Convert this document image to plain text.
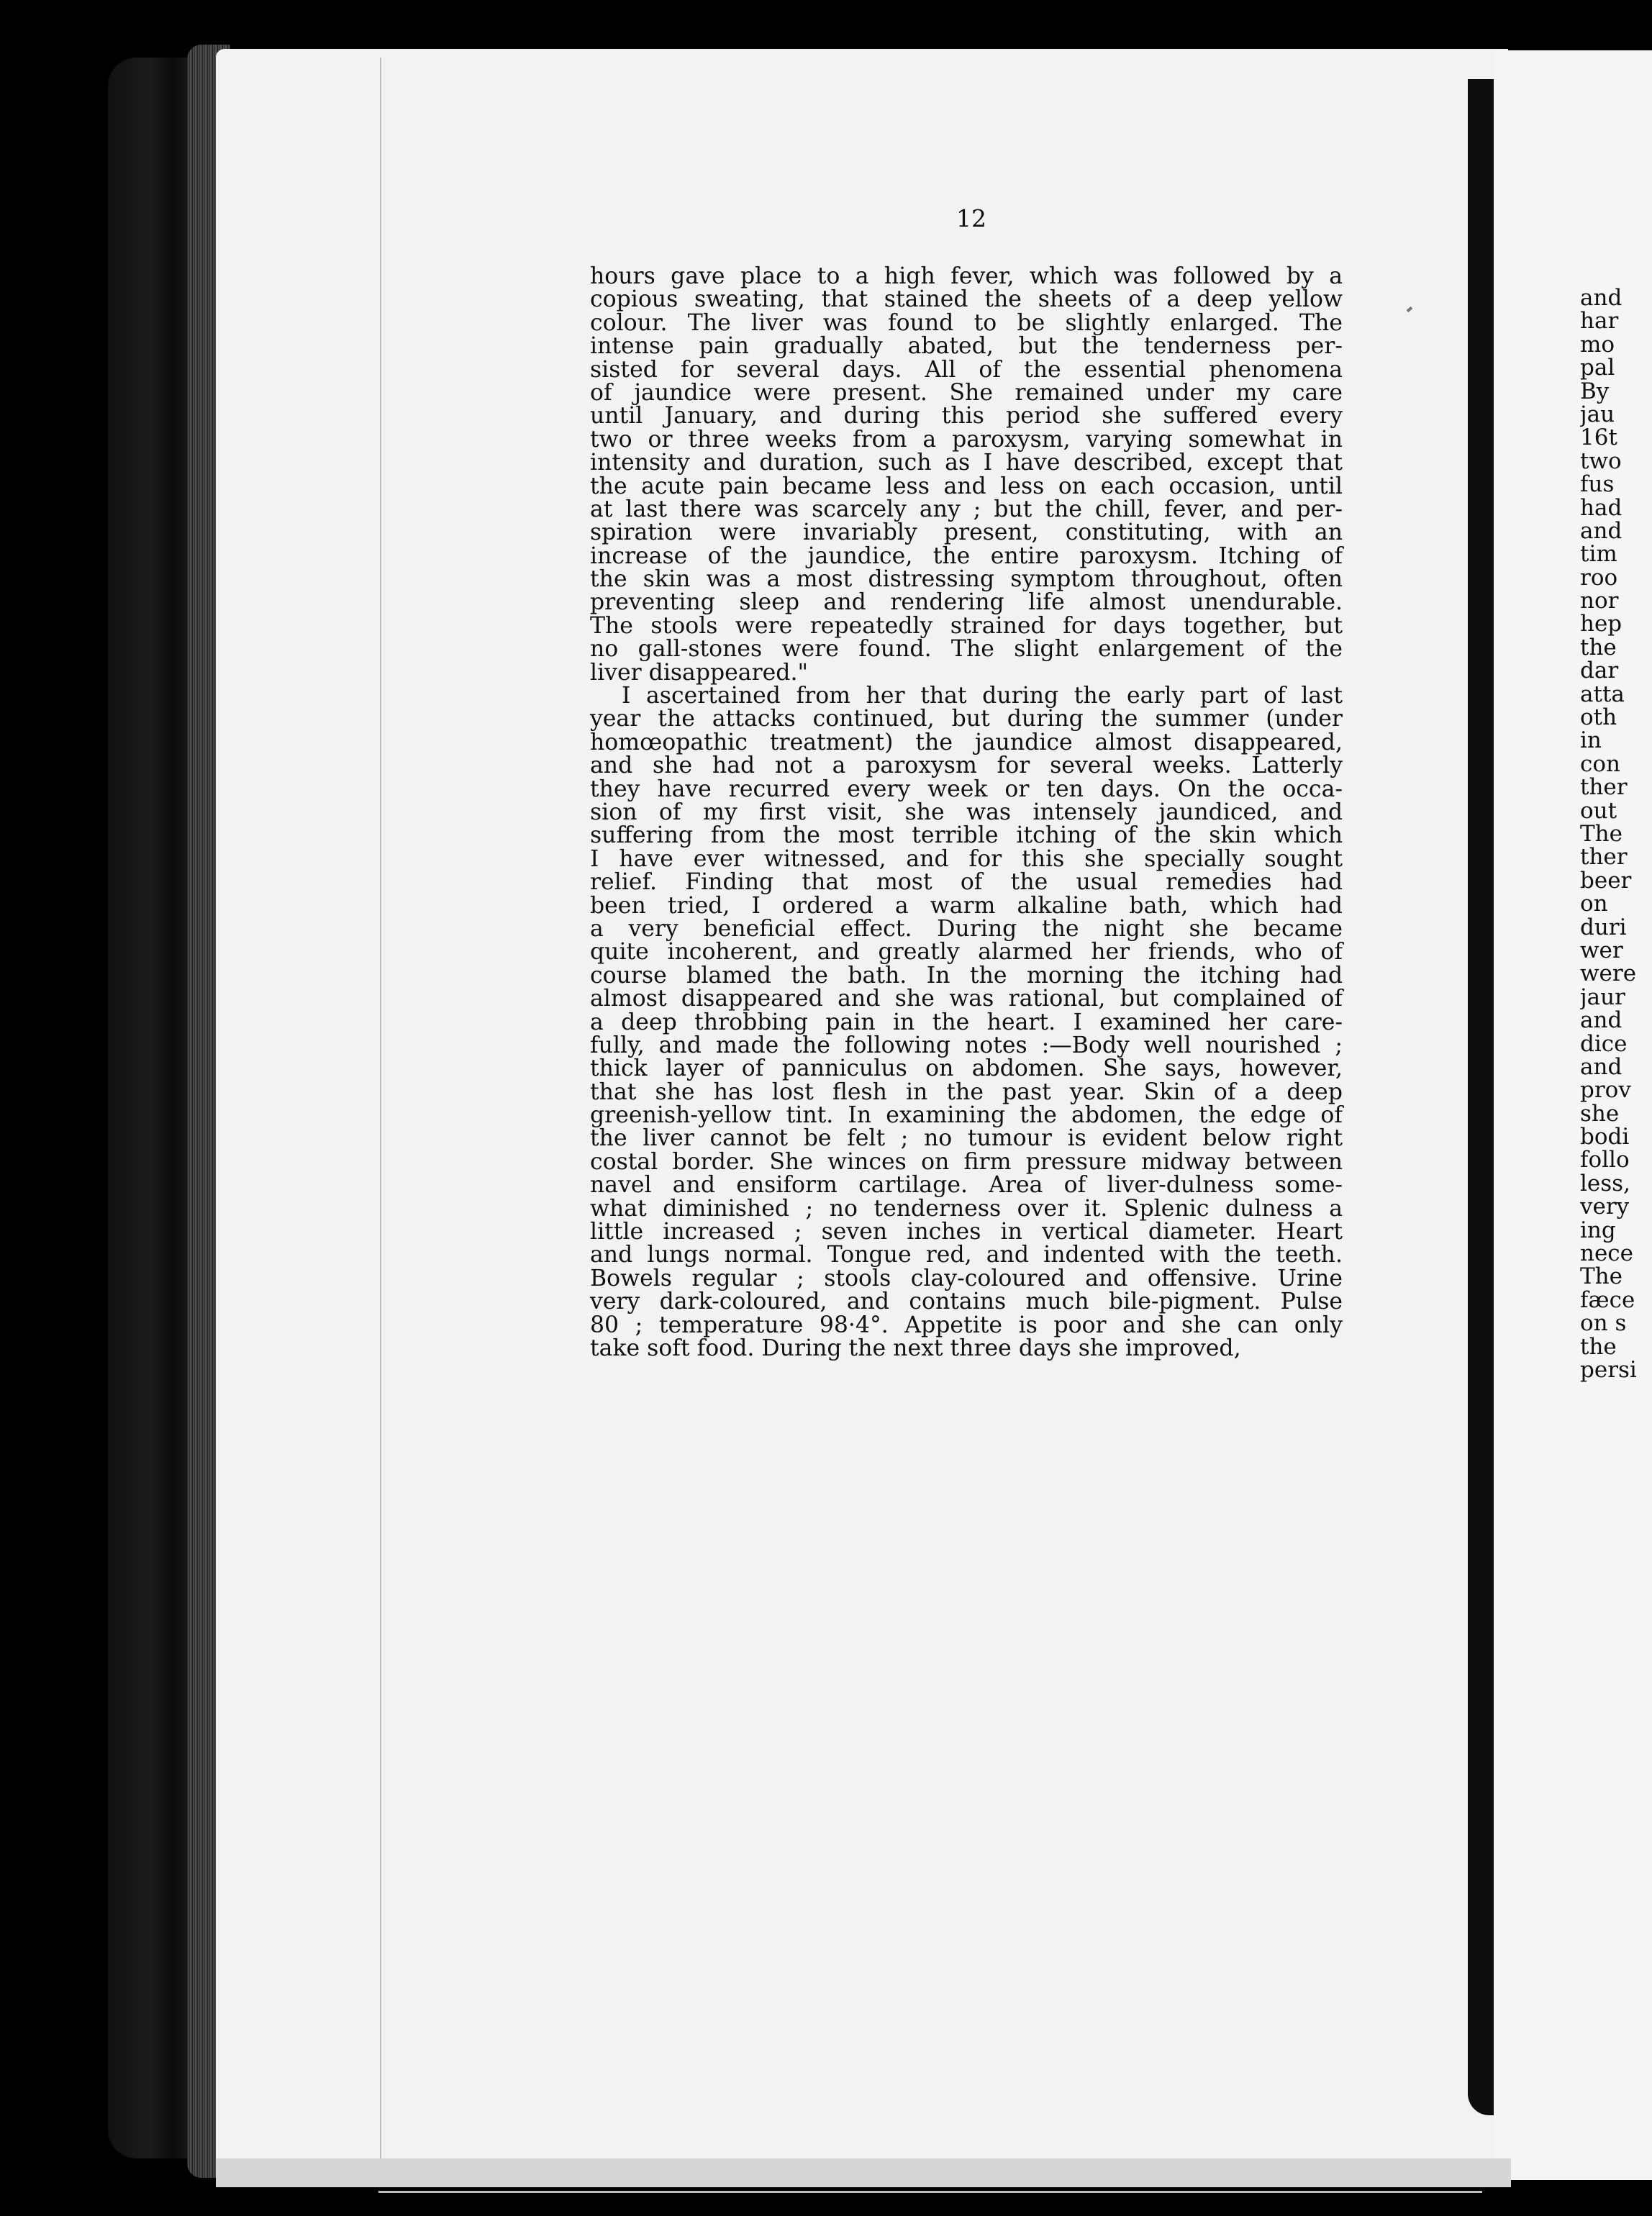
and
har
mo
pal
By
jau
16t
two
fus
had
and
tim
roo
nor
hep
the
dar
atta
oth
in
con
ther
out
The
ther
beer
on
duri
wer
were
jaur
and
dice
and
prov
she
bodi
follo
less,
very
ing
nece
The
fæce
on s
the
persi
12
hours gave place to a high fever, which was followed by a
copious sweating, that stained the sheets of a deep yellow
colour. The liver was found to be slightly enlarged. The
intense pain gradually abated, but the tenderness per-
sisted for several days. All of the essential phenomena
of jaundice were present. She remained under my care
until January, and during this period she suffered every
two or three weeks from a paroxysm, varying somewhat in
intensity and duration, such as I have described, except that
the acute pain became less and less on each occasion, until
at last there was scarcely any ; but the chill, fever, and per-
spiration were invariably present, constituting, with an
increase of the jaundice, the entire paroxysm. Itching of
the skin was a most distressing symptom throughout, often
preventing sleep and rendering life almost unendurable.
The stools were repeatedly strained for days together, but
no gall-stones were found. The slight enlargement of the
liver disappeared."
I ascertained from her that during the early part of last
year the attacks continued, but during the summer (under
homœopathic treatment) the jaundice almost disappeared,
and she had not a paroxysm for several weeks. Latterly
they have recurred every week or ten days. On the occa-
sion of my first visit, she was intensely jaundiced, and
suffering from the most terrible itching of the skin which
I have ever witnessed, and for this she specially sought
relief. Finding that most of the usual remedies had
been tried, I ordered a warm alkaline bath, which had
a very beneficial effect. During the night she became
quite incoherent, and greatly alarmed her friends, who of
course blamed the bath. In the morning the itching had
almost disappeared and she was rational, but complained of
a deep throbbing pain in the heart. I examined her care-
fully, and made the following notes :—Body well nourished ;
thick layer of panniculus on abdomen. She says, however,
that she has lost flesh in the past year. Skin of a deep
greenish-yellow tint. In examining the abdomen, the edge of
the liver cannot be felt ; no tumour is evident below right
costal border. She winces on firm pressure midway between
navel and ensiform cartilage. Area of liver-dulness some-
what diminished ; no tenderness over it. Splenic dulness a
little increased ; seven inches in vertical diameter. Heart
and lungs normal. Tongue red, and indented with the teeth.
Bowels regular ; stools clay-coloured and offensive. Urine
very dark-coloured, and contains much bile-pigment. Pulse
80 ; temperature 98·4°. Appetite is poor and she can only
take soft food. During the next three days she improved,
